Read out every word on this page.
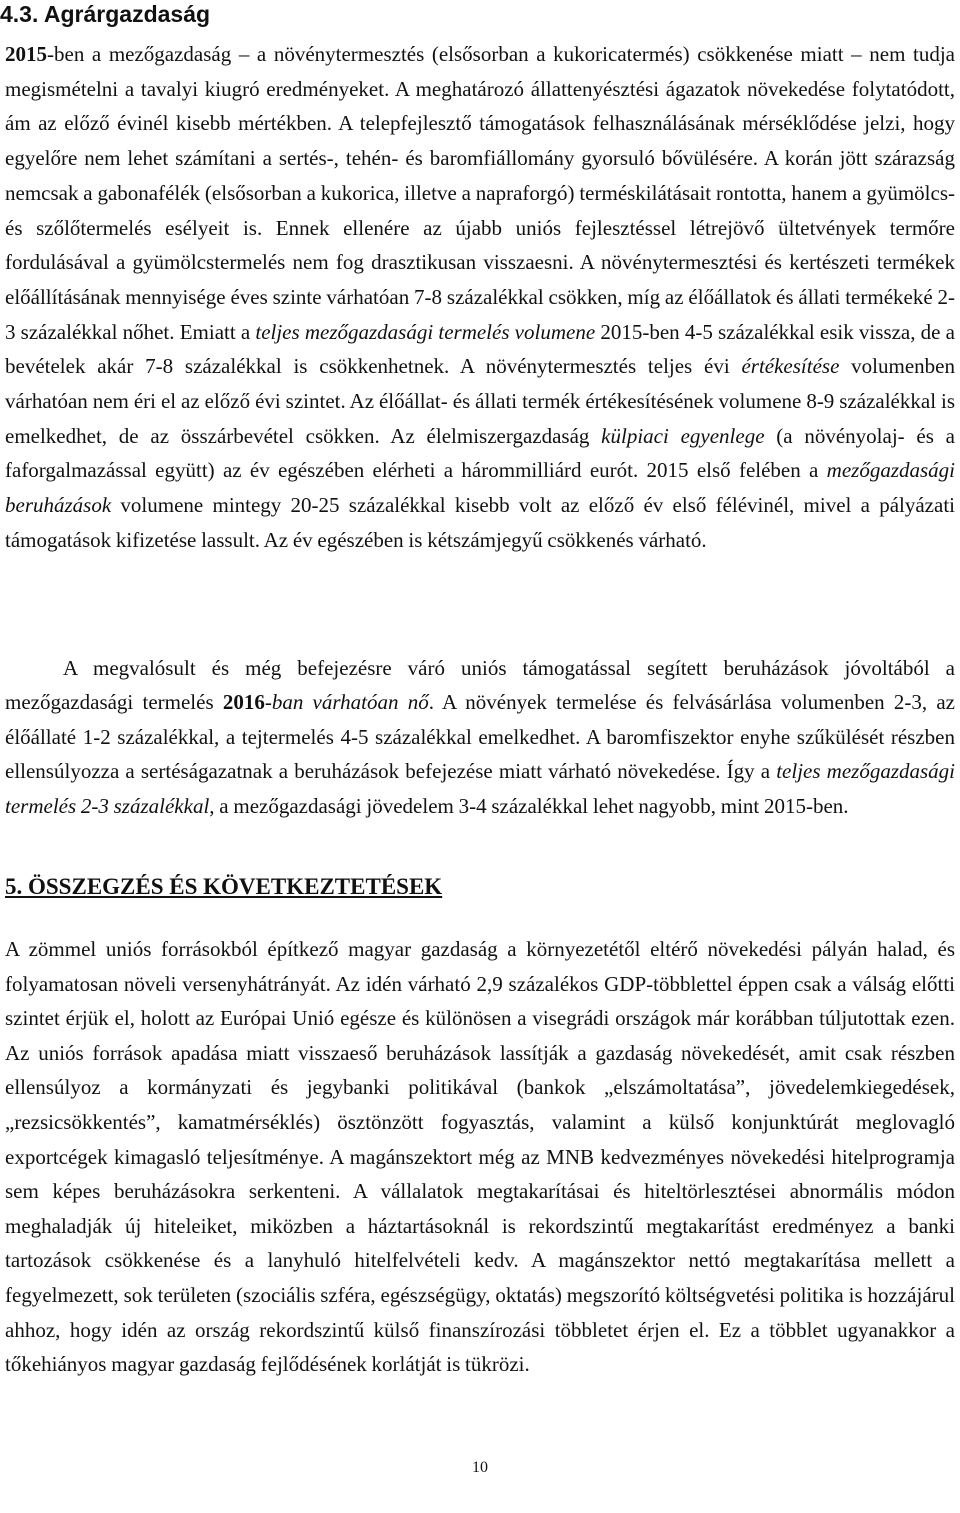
4.3. Agrárgazdaság

2015-ben a mezőgazdaság – a növénytermesztés (elsősorban a kukoricatermés) csökkenése miatt – nem tudja megismételni a tavalyi kiugró eredményeket. A meghatározó állattenyésztési ágazatok növekedése folytatódott, ám az előző évinél kisebb mértékben. A telepfejlesztő támogatások felhasználásának mérséklődése jelzi, hogy egyelőre nem lehet számítani a sertés-, tehén- és baromfiállomány gyorsuló bővülésére. A korán jött szárazság nemcsak a gabonafélék (elsősorban a kukorica, illetve a napraforgó) terméskilátásait rontotta, hanem a gyümölcs- és szőlőtermelés esélyeit is. Ennek ellenére az újabb uniós fejlesztéssel létrejövő ültetvények termőre fordulásával a gyümölcstermelés nem fog drasztikusan visszaesni. A növénytermesztési és kertészeti termékek előállításának mennyisége éves szinte várhatóan 7-8 százalékkal csökken, míg az élőállatok és állati termékeké 2-3 százalékkal nőhet. Emiatt a teljes mezőgazdasági termelés volumene 2015-ben 4-5 százalékkal esik vissza, de a bevételek akár 7-8 százalékkal is csökkenhetnek. A növénytermesztés teljes évi értékesítése volumenben várhatóan nem éri el az előző évi szintet. Az élőállat- és állati termék értékesítésének volumene 8-9 százalékkal is emelkedhet, de az összárbevétel csökken. Az élelmiszergazdaság külpiaci egyenlege (a növényolaj- és a faforgalmazással együtt) az év egészében elérheti a hárommilliárd eurót. 2015 első felében a mezőgazdasági beruházások volumene mintegy 20-25 százalékkal kisebb volt az előző év első félévinél, mivel a pályázati támogatások kifizetése lassult. Az év egészében is kétszámjegyű csökkenés várható.

A megvalósult és még befejezésre váró uniós támogatással segített beruházások jóvoltából a mezőgazdasági termelés 2016-ban várhatóan nő. A növények termelése és felvásárlása volumenben 2-3, az élőállaté 1-2 százalékkal, a tejtermelés 4-5 százalékkal emelkedhet. A baromfiszektor enyhe szűkülését részben ellensúlyozza a sertéságazatnak a beruházások befejezése miatt várható növekedése. Így a teljes mezőgazdasági termelés 2-3 százalékkal, a mezőgazdasági jövedelem 3-4 százalékkal lehet nagyobb, mint 2015-ben.

5. ÖSSZEGZÉS ÉS KÖVETKEZTETÉSEK

A zömmel uniós forrásokból építkező magyar gazdaság a környezetétől eltérő növekedési pályán halad, és folyamatosan növeli versenyhátrányát. Az idén várható 2,9 százalékos GDP-többlettel éppen csak a válság előtti szintet érjük el, holott az Európai Unió egésze és különösen a visegrádi országok már korábban túljutottak ezen. Az uniós források apadása miatt visszaeső beruházások lassítják a gazdaság növekedését, amit csak részben ellensúlyoz a kormányzati és jegybanki politikával (bankok „elszámoltatása”, jövedelemkiegedések, „rezsicsökkentés”, kamatmérséklés) ösztönzött fogyasztás, valamint a külső konjunktúrát meglovagló exportcégek kimagasló teljesítménye. A magánszektort még az MNB kedvezményes növekedési hitelprogramja sem képes beruházásokra serkenteni. A vállalatok megtakarításai és hiteltörlesztései abnormális módon meghaladják új hiteleiket, miközben a háztartásoknál is rekordszintű megtakarítást eredményez a banki tartozások csökkenése és a lanyhuló hitelfelvételi kedv. A magánszektor nettó megtakarítása mellett a fegyelmezett, sok területen (szociális szféra, egészségügy, oktatás) megszorító költségvetési politika is hozzájárul ahhoz, hogy idén az ország rekordszintű külső finanszírozási többletet érjen el. Ez a többlet ugyanakkor a tőkehiányos magyar gazdaság fejlődésének korlátját is tükrözi.

10
